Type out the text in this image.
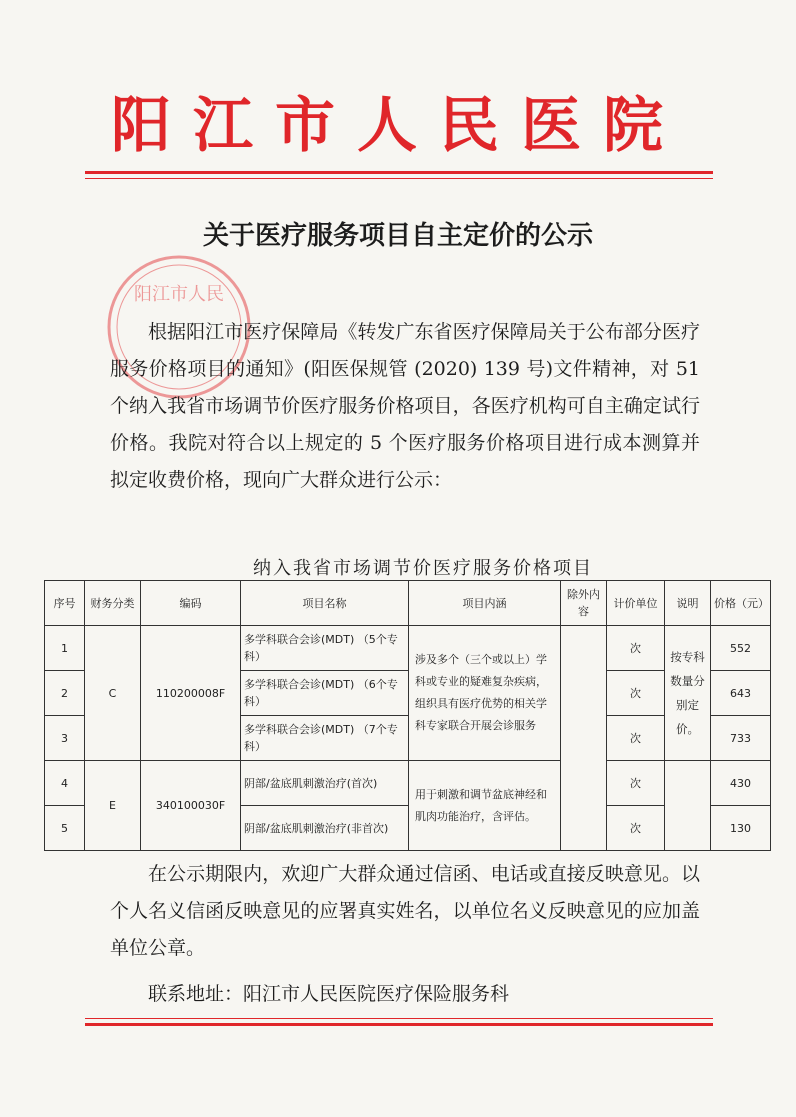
阳江市人民医院
关于医疗服务项目自主定价的公示
阳江市人民

根据阳江市医疗保障局《转发广东省医疗保障局关于公布部分医疗服务价格项目的通知》(阳医保规管 (2020) 139 号)文件精神，对 51 个纳入我省市场调节价医疗服务价格项目，各医疗机构可自主确定试行价格。我院对符合以上规定的 5 个医疗服务价格项目进行成本测算并拟定收费价格，现向广大群众进行公示：

纳入我省市场调节价医疗服务价格项目
序号	财务分类	编码	项目名称	项目内涵	除外内容	计价单位	说明	价格（元）
1	C	110200008F	多学科联合会诊(MDT) （5个专科）	涉及多个（三个或以上）学科或专业的疑难复杂疾病，组织具有医疗优势的相关学科专家联合开展会诊服务		次	按专科数量分别定价。	552
2			多学科联合会诊(MDT) （6个专科）			次		643
3			多学科联合会诊(MDT) （7个专科）			次		733
4	E	340100030F	阴部/盆底肌刺激治疗(首次)	用于刺激和调节盆底神经和肌肉功能治疗，含评估。		次		430
5			阴部/盆底肌刺激治疗(非首次)			次		130

在公示期限内，欢迎广大群众通过信函、电话或直接反映意见。以个人名义信函反映意见的应署真实姓名，以单位名义反映意见的应加盖单位公章。

联系地址：阳江市人民医院医疗保险服务科
